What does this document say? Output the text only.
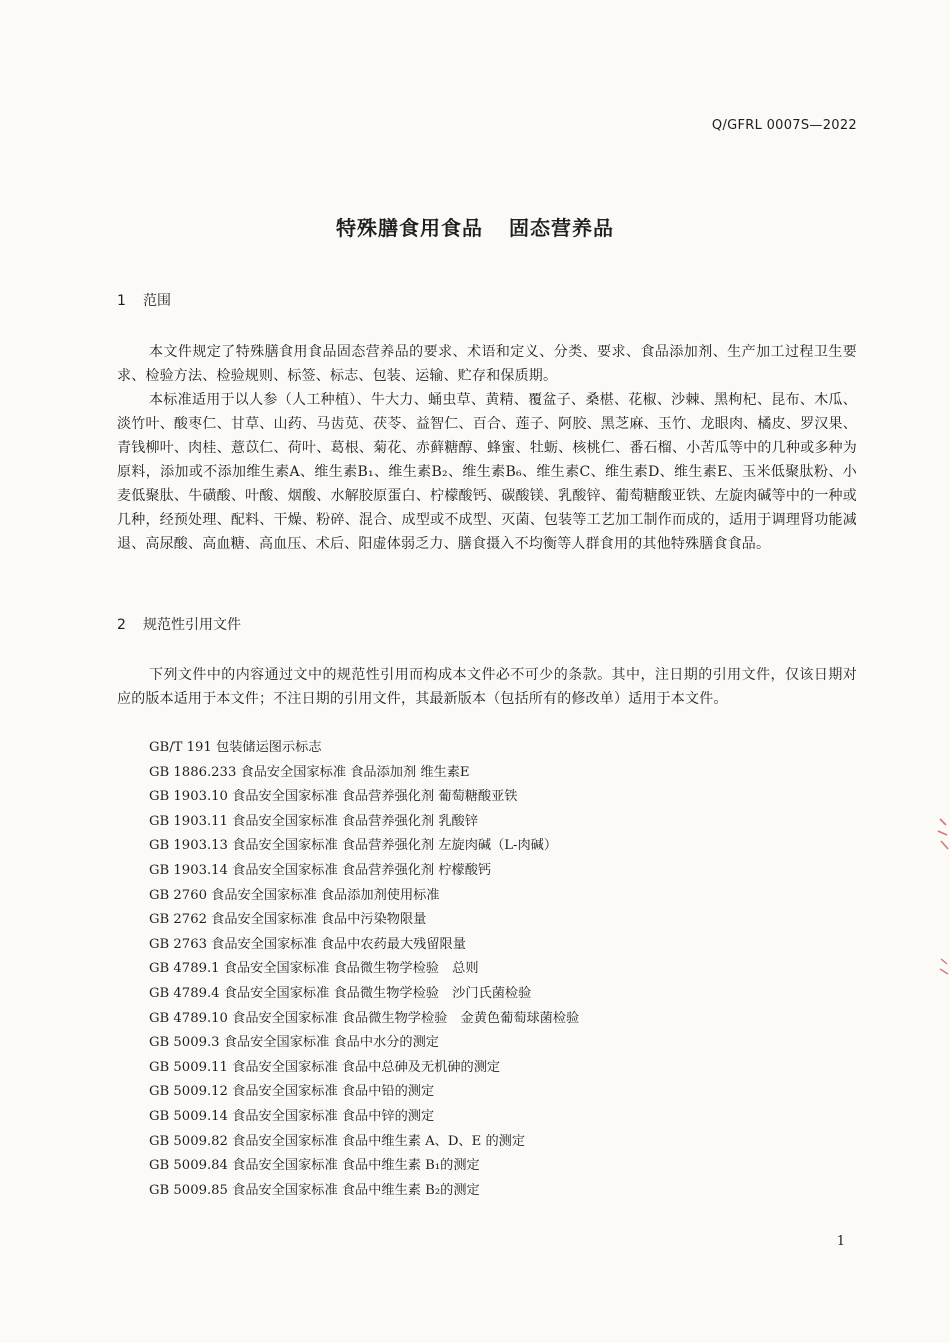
Q/GFRL 0007S—2022
特殊膳食用食品 固态营养品
1 范围
本文件规定了特殊膳食用食品固态营养品的要求、术语和定义、分类、要求、食品添加剂、生产加工过程卫生要求、检验方法、检验规则、标签、标志、包装、运输、贮存和保质期。
本标准适用于以人参（人工种植）、牛大力、蛹虫草、黄精、覆盆子、桑椹、花椒、沙棘、黑枸杞、昆布、木瓜、淡竹叶、酸枣仁、甘草、山药、马齿苋、茯苓、益智仁、百合、莲子、阿胶、黑芝麻、玉竹、龙眼肉、橘皮、罗汉果、青钱柳叶、肉桂、薏苡仁、荷叶、葛根、菊花、赤藓糖醇、蜂蜜、牡蛎、核桃仁、番石榴、小苦瓜等中的几种或多种为原料，添加或不添加维生素A、维生素B₁、维生素B₂、维生素B₆、维生素C、维生素D、维生素E、玉米低聚肽粉、小麦低聚肽、牛磺酸、叶酸、烟酸、水解胶原蛋白、柠檬酸钙、碳酸镁、乳酸锌、葡萄糖酸亚铁、左旋肉碱等中的一种或几种，经预处理、配料、干燥、粉碎、混合、成型或不成型、灭菌、包装等工艺加工制作而成的，适用于调理肾功能减退、高尿酸、高血糖、高血压、术后、阳虚体弱乏力、膳食摄入不均衡等人群食用的其他特殊膳食食品。
2 规范性引用文件
下列文件中的内容通过文中的规范性引用而构成本文件必不可少的条款。其中，注日期的引用文件，仅该日期对应的版本适用于本文件；不注日期的引用文件，其最新版本（包括所有的修改单）适用于本文件。
GB/T 191 包装储运图示标志
GB 1886.233 食品安全国家标准 食品添加剂 维生素E
GB 1903.10 食品安全国家标准 食品营养强化剂 葡萄糖酸亚铁
GB 1903.11 食品安全国家标准 食品营养强化剂 乳酸锌
GB 1903.13 食品安全国家标准 食品营养强化剂 左旋肉碱（L-肉碱）
GB 1903.14 食品安全国家标准 食品营养强化剂 柠檬酸钙
GB 2760 食品安全国家标准 食品添加剂使用标准
GB 2762 食品安全国家标准 食品中污染物限量
GB 2763 食品安全国家标准 食品中农药最大残留限量
GB 4789.1 食品安全国家标准 食品微生物学检验　总则
GB 4789.4 食品安全国家标准 食品微生物学检验　沙门氏菌检验
GB 4789.10 食品安全国家标准 食品微生物学检验　金黄色葡萄球菌检验
GB 5009.3 食品安全国家标准 食品中水分的测定
GB 5009.11 食品安全国家标准 食品中总砷及无机砷的测定
GB 5009.12 食品安全国家标准 食品中铅的测定
GB 5009.14 食品安全国家标准 食品中锌的测定
GB 5009.82 食品安全国家标准 食品中维生素 A、D、E 的测定
GB 5009.84 食品安全国家标准 食品中维生素 B₁的测定
GB 5009.85 食品安全国家标准 食品中维生素 B₂的测定
1
